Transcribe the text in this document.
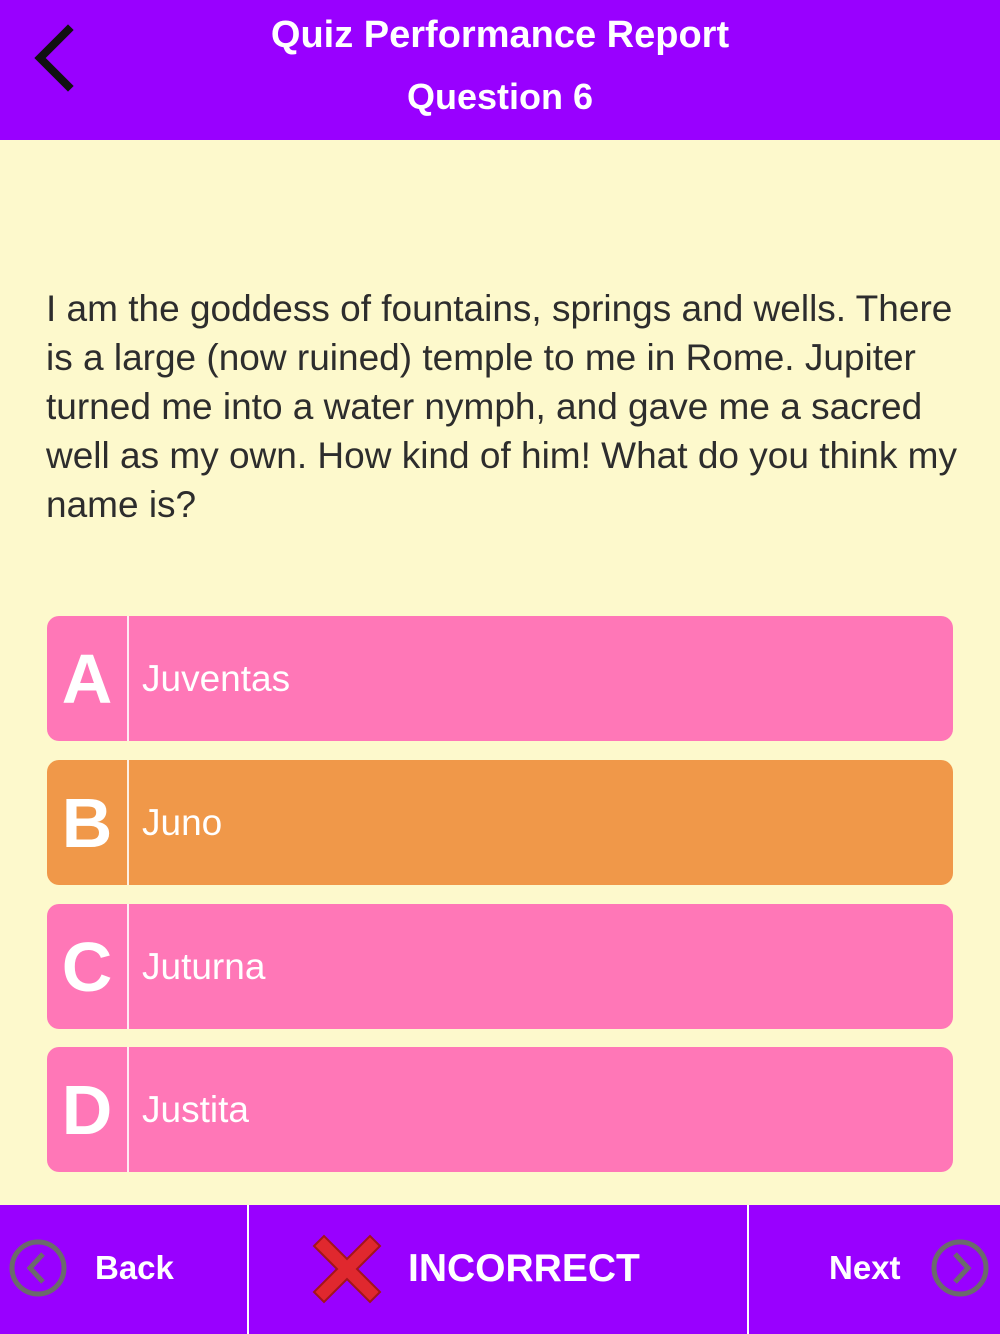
Quiz Performance Report
Question 6
I am the goddess of fountains, springs and wells. There is a large (now ruined) temple to me in Rome. Jupiter turned me into a water nymph, and gave me a sacred well as my own. How kind of him! What do you think my name is?
A Juventas
B Juno
C Juturna
D Justita
Back	INCORRECT	Next
